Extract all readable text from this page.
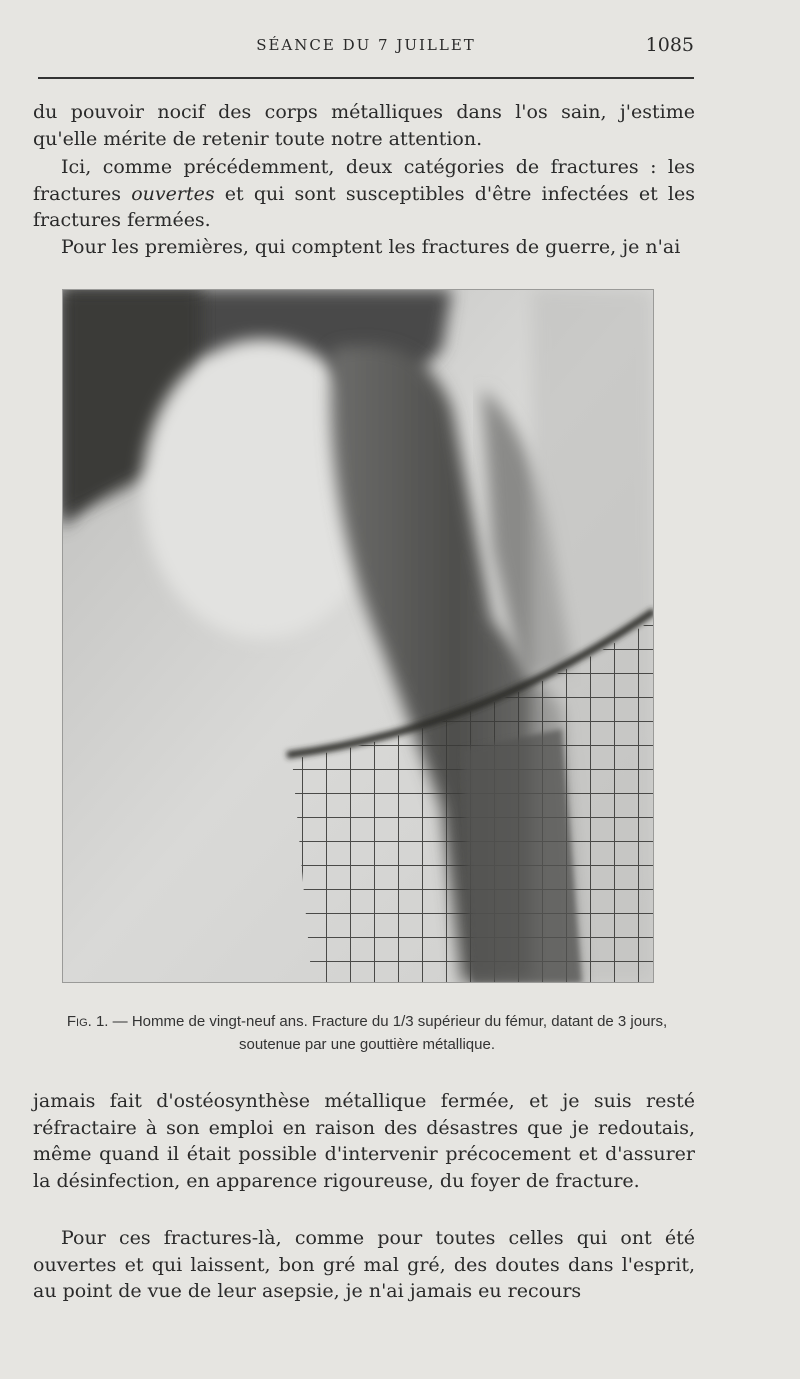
SÉANCE DU 7 JUILLET	1085

du pouvoir nocif des corps métalliques dans l'os sain, j'estime qu'elle mérite de retenir toute notre attention.

Ici, comme précédemment, deux catégories de fractures : les fractures ouvertes et qui sont susceptibles d'être infectées et les fractures fermées.

Pour les premières, qui comptent les fractures de guerre, je n'ai

Fig. 1. — Homme de vingt-neuf ans. Fracture du 1/3 supérieur du fémur, datant de 3 jours, soutenue par une gouttière métallique.

jamais fait d'ostéosynthèse métallique fermée, et je suis resté réfractaire à son emploi en raison des désastres que je redoutais, même quand il était possible d'intervenir précocement et d'assurer la désinfection, en apparence rigoureuse, du foyer de fracture.

Pour ces fractures-là, comme pour toutes celles qui ont été ouvertes et qui laissent, bon gré mal gré, des doutes dans l'esprit, au point de vue de leur asepsie, je n'ai jamais eu recours
